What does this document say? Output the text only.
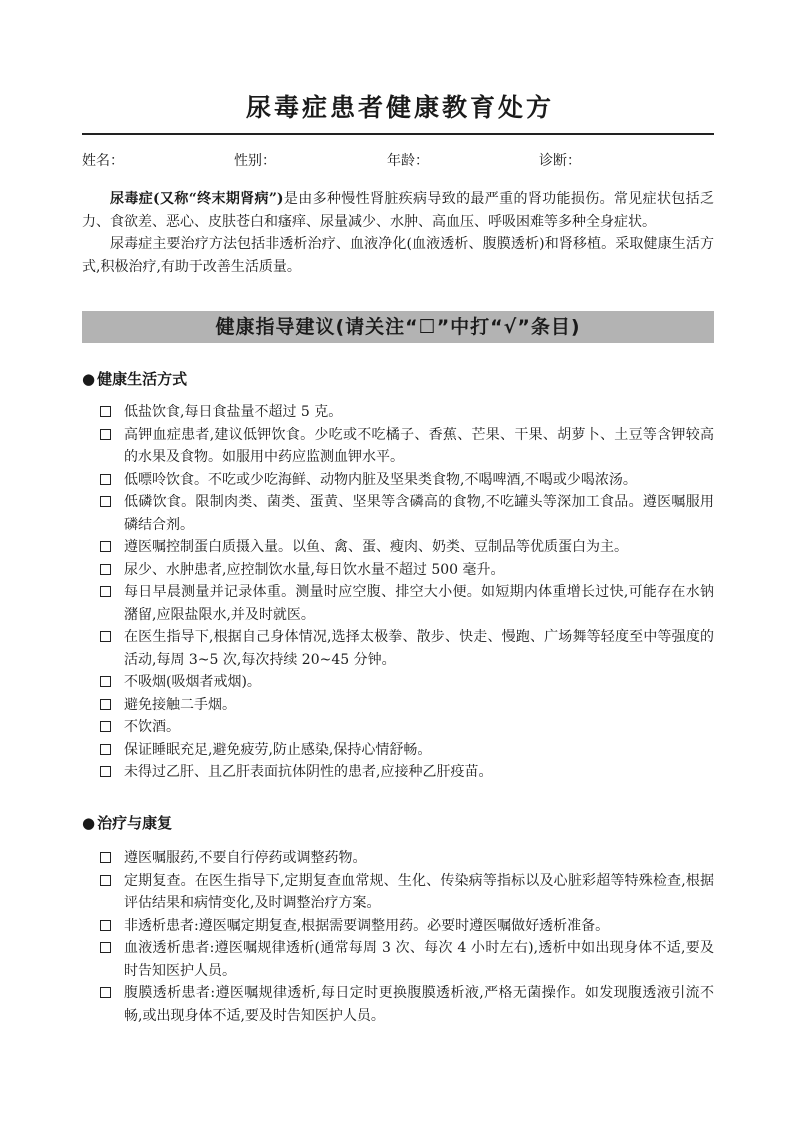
尿毒症患者健康教育处方
姓名：	性别：	年龄：	诊断：

尿毒症(又称“终末期肾病”)是由多种慢性肾脏疾病导致的最严重的肾功能损伤。常见症状包括乏力、食欲差、恶心、皮肤苍白和瘙痒、尿量减少、水肿、高血压、呼吸困难等多种全身症状。

尿毒症主要治疗方法包括非透析治疗、血液净化(血液透析、腹膜透析)和肾移植。采取健康生活方式,积极治疗,有助于改善生活质量。

健康指导建议(请关注“☐”中打“√”条目)
● 健康生活方式
低盐饮食,每日食盐量不超过 5 克。
高钾血症患者,建议低钾饮食。少吃或不吃橘子、香蕉、芒果、干果、胡萝卜、土豆等含钾较高的水果及食物。如服用中药应监测血钾水平。
低嘌呤饮食。不吃或少吃海鲜、动物内脏及坚果类食物,不喝啤酒,不喝或少喝浓汤。
低磷饮食。限制肉类、菌类、蛋黄、坚果等含磷高的食物,不吃罐头等深加工食品。遵医嘱服用磷结合剂。
遵医嘱控制蛋白质摄入量。以鱼、禽、蛋、瘦肉、奶类、豆制品等优质蛋白为主。
尿少、水肿患者,应控制饮水量,每日饮水量不超过 500 毫升。
每日早晨测量并记录体重。测量时应空腹、排空大小便。如短期内体重增长过快,可能存在水钠潴留,应限盐限水,并及时就医。
在医生指导下,根据自己身体情况,选择太极拳、散步、快走、慢跑、广场舞等轻度至中等强度的活动,每周 3~5 次,每次持续 20~45 分钟。
不吸烟(吸烟者戒烟)。
避免接触二手烟。
不饮酒。
保证睡眠充足,避免疲劳,防止感染,保持心情舒畅。
未得过乙肝、且乙肝表面抗体阴性的患者,应接种乙肝疫苗。
● 治疗与康复
遵医嘱服药,不要自行停药或调整药物。
定期复查。在医生指导下,定期复查血常规、生化、传染病等指标以及心脏彩超等特殊检查,根据评估结果和病情变化,及时调整治疗方案。
非透析患者:遵医嘱定期复查,根据需要调整用药。必要时遵医嘱做好透析准备。
血液透析患者:遵医嘱规律透析(通常每周 3 次、每次 4 小时左右),透析中如出现身体不适,要及时告知医护人员。
腹膜透析患者:遵医嘱规律透析,每日定时更换腹膜透析液,严格无菌操作。如发现腹透液引流不畅,或出现身体不适,要及时告知医护人员。
